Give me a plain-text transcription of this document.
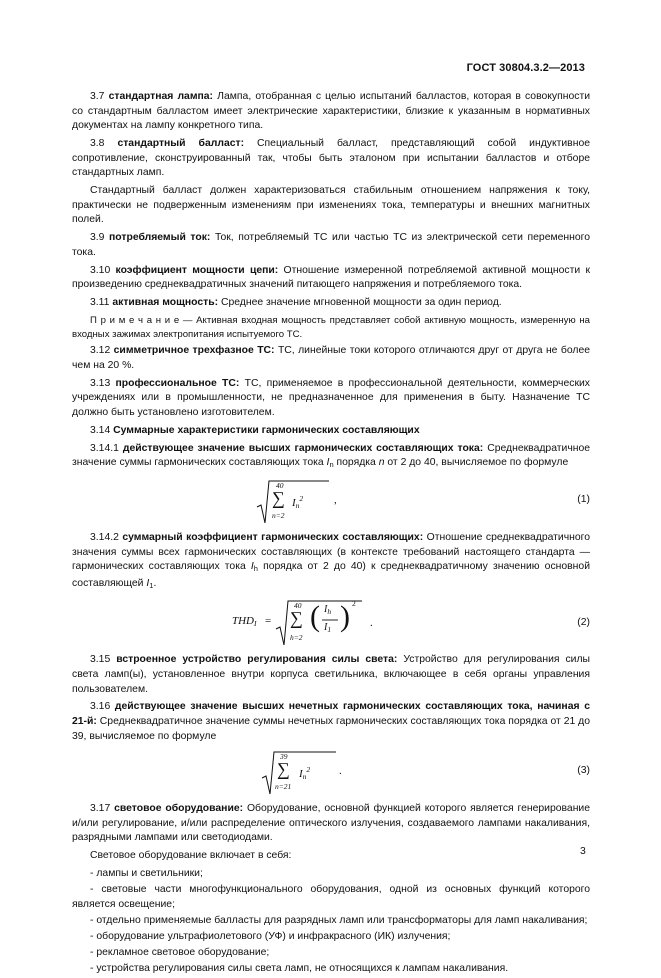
ГОСТ 30804.3.2—2013

3.7 стандартная лампа: Лампа, отобранная с целью испытаний балластов, которая в совокупности со стандартным балластом имеет электрические характеристики, близкие к указанным в нормативных документах на лампу конкретного типа.

3.8 стандартный балласт: Специальный балласт, представляющий собой индуктивное сопротивление, сконструированный так, чтобы быть эталоном при испытании балластов и отборе стандартных ламп.

Стандартный балласт должен характеризоваться стабильным отношением напряжения к току, практически не подверженным изменениям при изменениях тока, температуры и внешних магнитных полей.

3.9 потребляемый ток: Ток, потребляемый ТС или частью ТС из электрической сети переменного тока.

3.10 коэффициент мощности цепи: Отношение измеренной потребляемой активной мощности к произведению среднеквадратичных значений питающего напряжения и потребляемого тока.

3.11 активная мощность: Среднее значение мгновенной мощности за один период.

П р и м е ч а н и е — Активная входная мощность представляет собой активную мощность, измеренную на входных зажимах электропитания испытуемого ТС.

3.12 симметричное трехфазное ТС: ТС, линейные токи которого отличаются друг от друга не более чем на 20 %.

3.13 профессиональное ТС: ТС, применяемое в профессиональной деятельности, коммерческих учреждениях или в промышленности, не предназначенное для применения в быту. Назначение ТС должно быть установлено изготовителем.

3.14 Суммарные характеристики гармонических составляющих

3.14.1 действующее значение высших гармонических составляющих тока: Среднеквадратичное значение суммы гармонических составляющих тока $I_n$ порядка n от 2 до 40, вычисляемое по формуле

40
∑
n=2
$I_n^2$	,	(1)

3.14.2 суммарный коэффициент гармонических составляющих: Отношение среднеквадратичного значения суммы всех гармонических составляющих (в контексте требований настоящего стандарта — гармонических составляющих тока $I_h$ порядка от 2 до 40) к среднеквадратичному значению основной составляющей $I_1$.

$THD_I$ =
40
∑
h=2
( $I_h$
$I_1$ ) 2
.	(2)

3.15 встроенное устройство регулирования силы света: Устройство для регулирования силы света ламп(ы), установленное внутри корпуса светильника, включающее в себя органы управления пользователем.

3.16 действующее значение высших нечетных гармонических составляющих тока, начиная с 21-й: Среднеквадратичное значение суммы нечетных гармонических составляющих тока порядка от 21 до 39, вычисляемое по формуле

39
∑
n=21
$I_n^2$	.	(3)

3.17 световое оборудование: Оборудование, основной функцией которого является генерирование и/или регулирование, и/или распределение оптического излучения, создаваемого лампами накаливания, разрядными лампами или светодиодами.

Световое оборудование включает в себя:

- лампы и светильники;

- световые части многофункционального оборудования, одной из основных функций которого является освещение;

- отдельно применяемые балласты для разрядных ламп или трансформаторы для ламп накаливания;

- оборудование ультрафиолетового (УФ) и инфракрасного (ИК) излучения;

- рекламное световое оборудование;

- устройства регулирования силы света ламп, не относящихся к лампам накаливания.

3
